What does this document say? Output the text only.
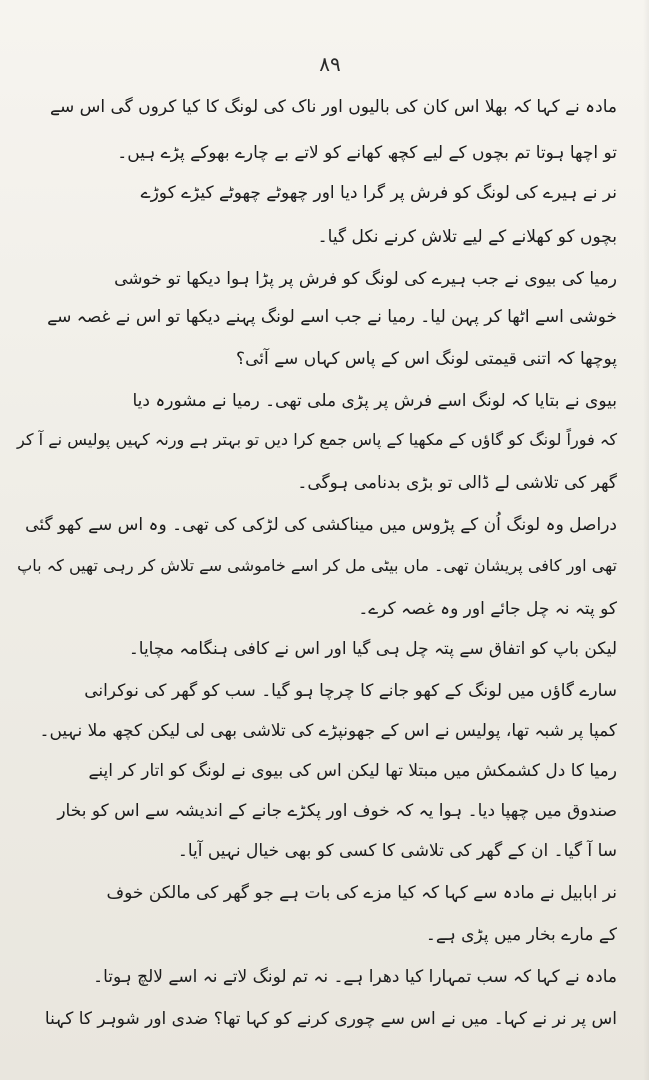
٨٩
مادہ نے کہا کہ بھلا اس کان کی بالیوں اور ناک کی لونگ کا کیا کروں گی اس سے
تو اچھا ہوتا تم بچوں کے لیے کچھ کھانے کو لاتے بے چارے بھوکے پڑے ہیں۔
نر نے ہیرے کی لونگ کو فرش پر گرا دیا اور چھوٹے چھوٹے کیڑے کوڑے
بچوں کو کھلانے کے لیے تلاش کرنے نکل گیا۔
رمیا کی بیوی نے جب ہیرے کی لونگ کو فرش پر پڑا ہوا دیکھا تو خوشی
خوشی اسے اٹھا کر پہن لیا۔ رمیا نے جب اسے لونگ پہنے دیکھا تو اس نے غصہ سے
پوچھا کہ اتنی قیمتی لونگ اس کے پاس کہاں سے آئی؟
بیوی نے بتایا کہ لونگ اسے فرش پر پڑی ملی تھی۔ رمیا نے مشورہ دیا
کہ فوراً لونگ کو گاؤں کے مکھیا کے پاس جمع کرا دیں تو بہتر ہے ورنہ کہیں پولیس نے آ کر
گھر کی تلاشی لے ڈالی تو بڑی بدنامی ہوگی۔
دراصل وہ لونگ اُن کے پڑوس میں میناکشی کی لڑکی کی تھی۔ وہ اس سے کھو گئی
تھی اور کافی پریشان تھی۔ ماں بیٹی مل کر اسے خاموشی سے تلاش کر رہی تھیں کہ باپ
کو پتہ نہ چل جائے اور وہ غصہ کرے۔
لیکن باپ کو اتفاق سے پتہ چل ہی گیا اور اس نے کافی ہنگامہ مچایا۔
سارے گاؤں میں لونگ کے کھو جانے کا چرچا ہو گیا۔ سب کو گھر کی نوکرانی
کمپا پر شبہ تھا، پولیس نے اس کے جھونپڑے کی تلاشی بھی لی لیکن کچھ ملا نہیں۔
رمیا کا دل کشمکش میں مبتلا تھا لیکن اس کی بیوی نے لونگ کو اتار کر اپنے
صندوق میں چھپا دیا۔ ہوا یہ کہ خوف اور پکڑے جانے کے اندیشہ سے اس کو بخار
سا آ گیا۔ ان کے گھر کی تلاشی کا کسی کو بھی خیال نہیں آیا۔
نر ابابیل نے مادہ سے کہا کہ کیا مزے کی بات ہے جو گھر کی مالکن خوف
کے مارے بخار میں پڑی ہے۔
مادہ نے کہا کہ سب تمہارا کیا دھرا ہے۔ نہ تم لونگ لاتے نہ اسے لالچ ہوتا۔
اس پر نر نے کہا۔ میں نے اس سے چوری کرنے کو کہا تھا؟ ضدی اور شوہر کا کہنا
